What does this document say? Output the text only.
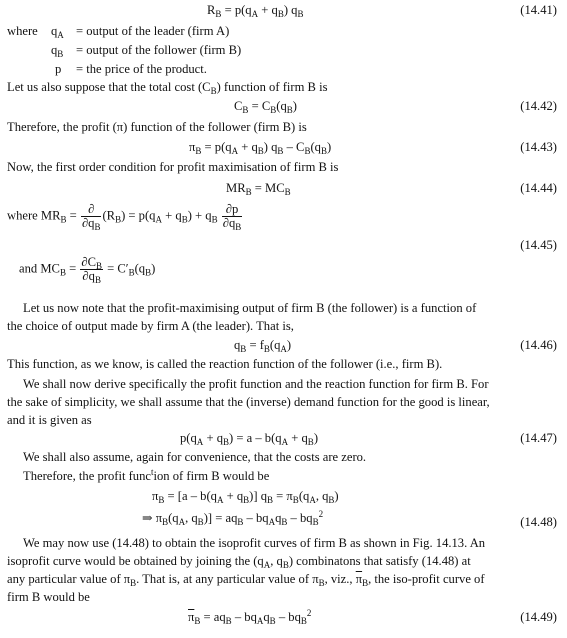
$R_B = p(q_A + q_B)$ $q_B$	(14.41)
where $q_A$ = output of the leader (firm A)
$q_B$ = output of the follower (firm B)
p = the price of the product.
Let us also suppose that the total cost $(C_B)$ function of firm B is
$C_B = C_B(q_B)$	(14.42)
Therefore, the profit (π) function of the follower (firm B) is
$\pi_B = p(q_A + q_B)$ $q_B - C_B(q_B)$	(14.43)
Now, the first order condition for profit maximisation of firm B is
$MR_B = MC_B$	(14.44)
where $MR_B = \frac{\partial}{\partial q_B} (R_B) = p(q_A + q_B) + q_B \frac{\partial p}{\partial q_B}$
(14.45)
and $MC_B = \frac{\partial C_B}{\partial q_B} = C'_B(q_B)$
Let us now note that the profit-maximising output of firm B (the follower) is a function of
the choice of output made by firm A (the leader). That is,
$q_B = f_B(q_A)$	(14.46)
This function, as we know, is called the reaction function of the follower (i.e., firm B).
We shall now derive specifically the profit function and the reaction function for firm B. For
the sake of simplicity, we shall assume that the (inverse) demand function for the good is linear,
and it is given as
$p(q_A + q_B) = a - b(q_A + q_B)$	(14.47)
We shall also assume, again for convenience, that the costs are zero.
Therefore, the profit func$^t$ion of firm B would be
$\pi_B = [a - b(q_A + q_B)] q_B = \pi_B(q_A$, $q_B$)
⇒ $\pi_B(q_A$, $q_B)] = aq_B - bq_Aq_B - bq_B^2$
(14.48)
We may now use (14.48) to obtain the isoprofit curves of firm B as shown in Fig. 14.13. An
isoprofit curve would be obtained by joining the ($q_A$, $q_B$) combinatons that satisfy (14.48) at
any particular value of $\pi_B$. That is, at any particular value of $\pi_B$, viz., $\overline{\pi}_B$, the iso-profit curve of
firm B would be
$\overline{\pi}_B = aq_B - bq_Aq_B - bq_B^2$	(14.49)
